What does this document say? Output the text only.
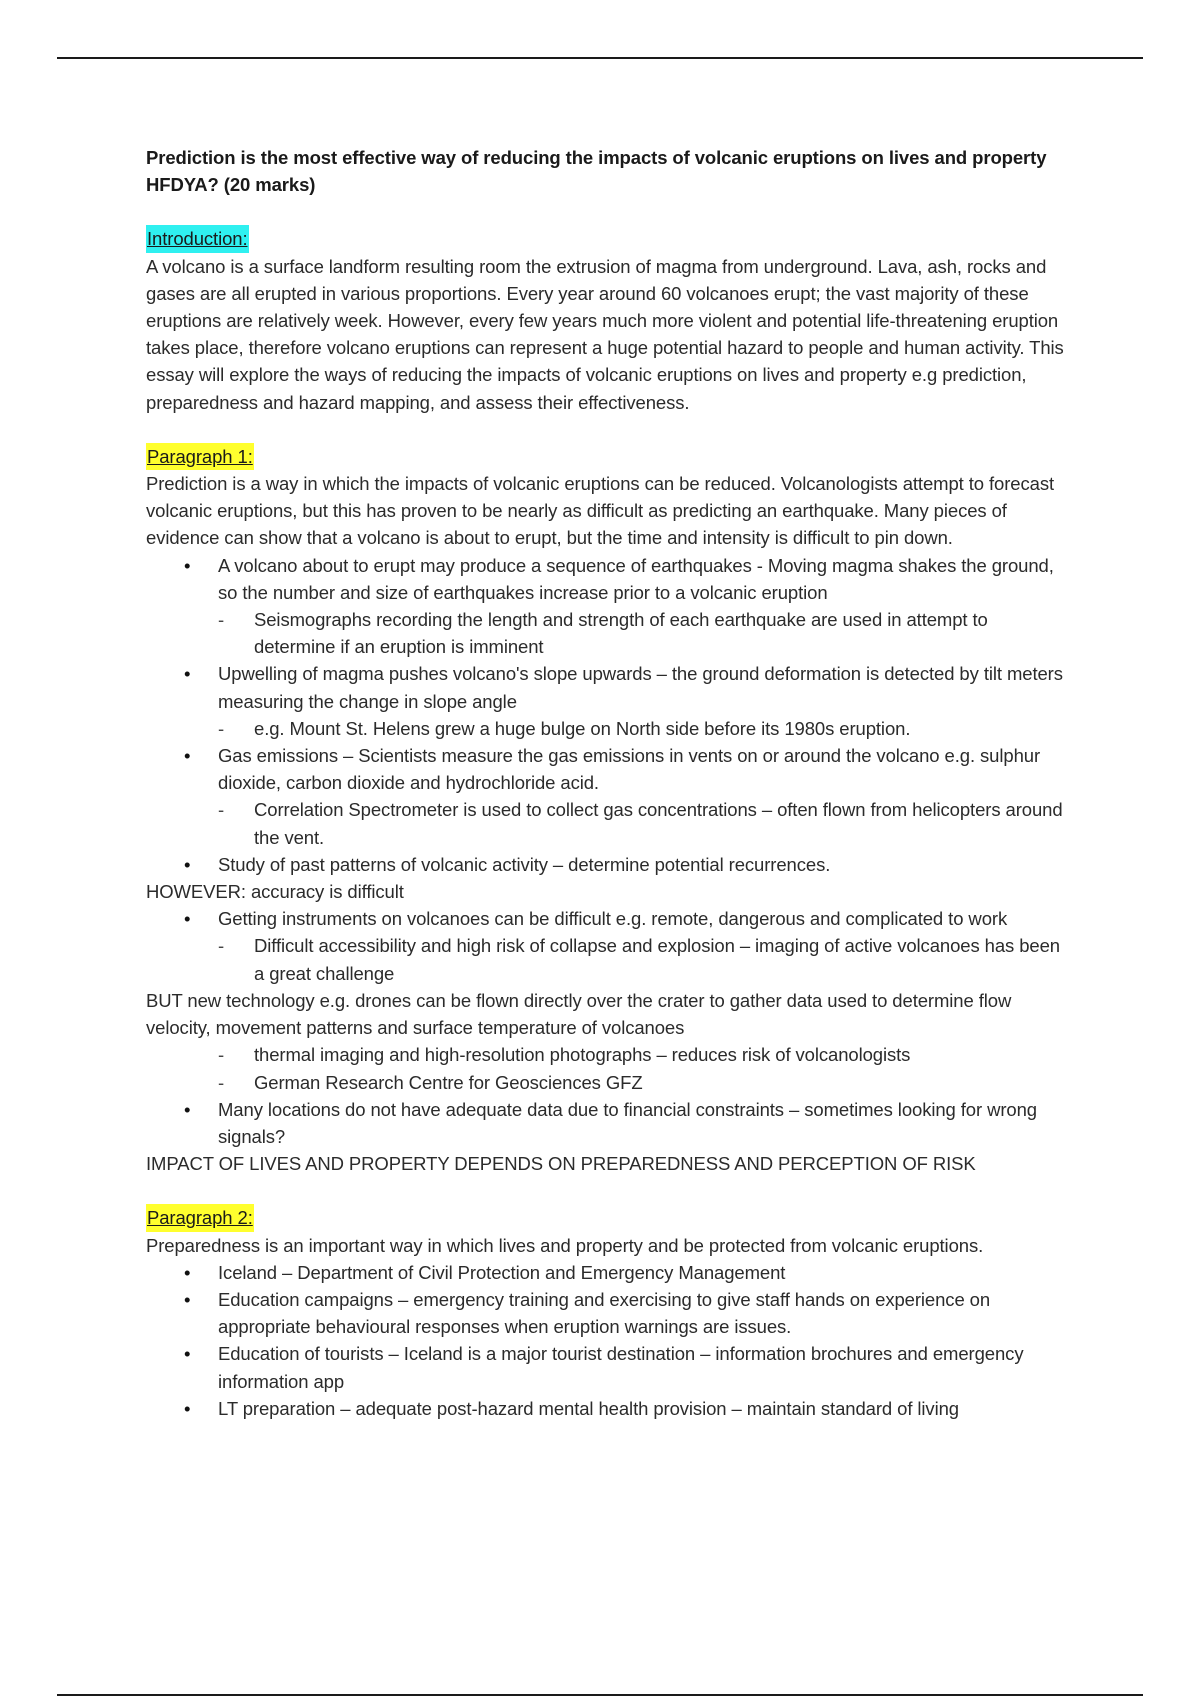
Prediction is the most effective way of reducing the impacts of volcanic eruptions on lives and property HFDYA? (20 marks)

Introduction:

A volcano is a surface landform resulting room the extrusion of magma from underground. Lava, ash, rocks and gases are all erupted in various proportions. Every year around 60 volcanoes erupt; the vast majority of these eruptions are relatively week. However, every few years much more violent and potential life-threatening eruption takes place, therefore volcano eruptions can represent a huge potential hazard to people and human activity. This essay will explore the ways of reducing the impacts of volcanic eruptions on lives and property e.g prediction, preparedness and hazard mapping, and assess their effectiveness.

Paragraph 1:

Prediction is a way in which the impacts of volcanic eruptions can be reduced. Volcanologists attempt to forecast volcanic eruptions, but this has proven to be nearly as difficult as predicting an earthquake. Many pieces of evidence can show that a volcano is about to erupt, but the time and intensity is difficult to pin down.

• A volcano about to erupt may produce a sequence of earthquakes - Moving magma shakes the ground, so the number and size of earthquakes increase prior to a volcanic eruption
- Seismographs recording the length and strength of each earthquake are used in attempt to determine if an eruption is imminent
• Upwelling of magma pushes volcano's slope upwards – the ground deformation is detected by tilt meters measuring the change in slope angle
- e.g. Mount St. Helens grew a huge bulge on North side before its 1980s eruption.
• Gas emissions – Scientists measure the gas emissions in vents on or around the volcano e.g. sulphur dioxide, carbon dioxide and hydrochloride acid.
- Correlation Spectrometer is used to collect gas concentrations – often flown from helicopters around the vent.
• Study of past patterns of volcanic activity – determine potential recurrences.

HOWEVER: accuracy is difficult

• Getting instruments on volcanoes can be difficult e.g. remote, dangerous and complicated to work
- Difficult accessibility and high risk of collapse and explosion – imaging of active volcanoes has been a great challenge

BUT new technology e.g. drones can be flown directly over the crater to gather data used to determine flow velocity, movement patterns and surface temperature of volcanoes

- thermal imaging and high-resolution photographs – reduces risk of volcanologists
- German Research Centre for Geosciences GFZ
• Many locations do not have adequate data due to financial constraints – sometimes looking for wrong signals?

IMPACT OF LIVES AND PROPERTY DEPENDS ON PREPAREDNESS AND PERCEPTION OF RISK

Paragraph 2:

Preparedness is an important way in which lives and property and be protected from volcanic eruptions.

• Iceland – Department of Civil Protection and Emergency Management
• Education campaigns – emergency training and exercising to give staff hands on experience on appropriate behavioural responses when eruption warnings are issues.
• Education of tourists – Iceland is a major tourist destination – information brochures and emergency information app
• LT preparation – adequate post-hazard mental health provision – maintain standard of living
